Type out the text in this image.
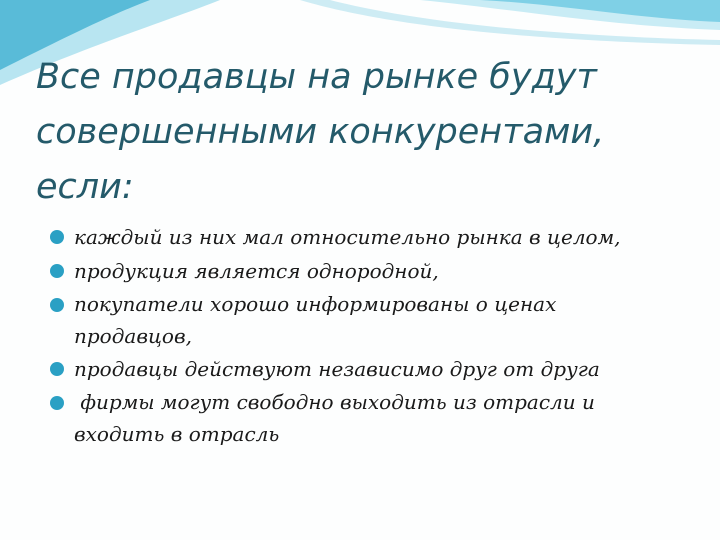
Все продавцы на рынке будут
совершенными конкурентами,
если:
каждый из них мал относительно рынка в целом,
продукция является однородной,
покупатели хорошо информированы о ценах
продавцов,
продавцы действуют независимо друг от друга
фирмы могут свободно выходить из отрасли и
входить в отрасль
